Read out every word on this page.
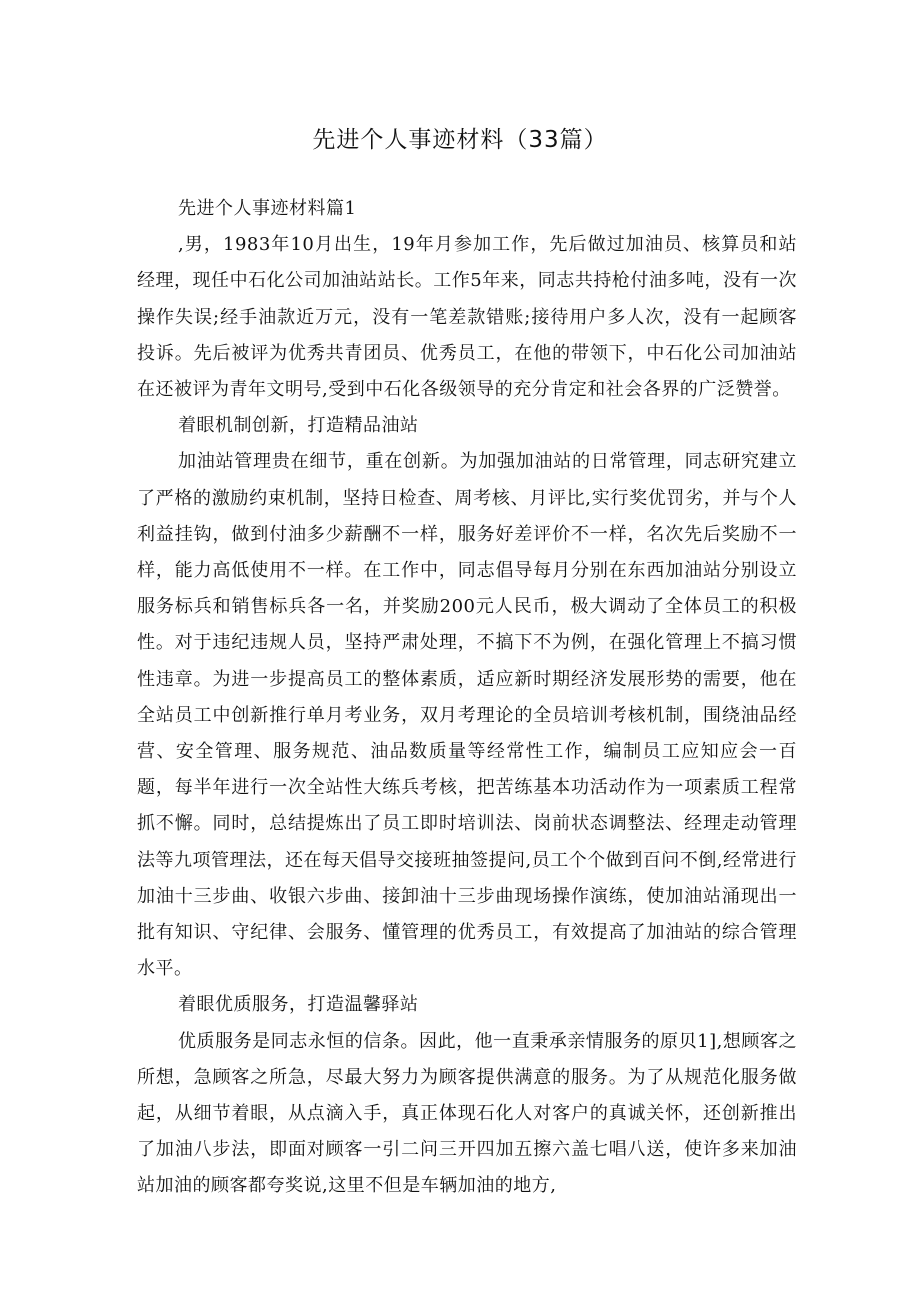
先进个人事迹材料（33篇）

先进个人事迹材料篇1

,男，1983年10月出生，19年月参加工作，先后做过加油员、核算员和站经理，现任中石化公司加油站站长。工作5年来，同志共持枪付油多吨，没有一次操作失误;经手油款近万元，没有一笔差款错账;接待用户多人次，没有一起顾客投诉。先后被评为优秀共青团员、优秀员工，在他的带领下，中石化公司加油站在还被评为青年文明号,受到中石化各级领导的充分肯定和社会各界的广泛赞誉。

着眼机制创新，打造精品油站

加油站管理贵在细节，重在创新。为加强加油站的日常管理，同志研究建立了严格的激励约束机制，坚持日检查、周考核、月评比,实行奖优罚劣，并与个人利益挂钩，做到付油多少薪酬不一样，服务好差评价不一样，名次先后奖励不一样，能力高低使用不一样。在工作中，同志倡导每月分别在东西加油站分别设立服务标兵和销售标兵各一名，并奖励200元人民币，极大调动了全体员工的积极性。对于违纪违规人员，坚持严肃处理，不搞下不为例，在强化管理上不搞习惯性违章。为进一步提高员工的整体素质，适应新时期经济发展形势的需要，他在全站员工中创新推行单月考业务，双月考理论的全员培训考核机制，围绕油品经营、安全管理、服务规范、油品数质量等经常性工作，编制员工应知应会一百题，每半年进行一次全站性大练兵考核，把苦练基本功活动作为一项素质工程常抓不懈。同时，总结提炼出了员工即时培训法、岗前状态调整法、经理走动管理法等九项管理法，还在每天倡导交接班抽签提问,员工个个做到百问不倒,经常进行加油十三步曲、收银六步曲、接卸油十三步曲现场操作演练，使加油站涌现出一批有知识、守纪律、会服务、懂管理的优秀员工，有效提高了加油站的综合管理水平。

着眼优质服务，打造温馨驿站

优质服务是同志永恒的信条。因此，他一直秉承亲情服务的原贝1],想顾客之所想，急顾客之所急，尽最大努力为顾客提供满意的服务。为了从规范化服务做起，从细节着眼，从点滴入手，真正体现石化人对客户的真诚关怀，还创新推出了加油八步法，即面对顾客一引二问三开四加五擦六盖七唱八送，使许多来加油站加油的顾客都夸奖说,这里不但是车辆加油的地方,
